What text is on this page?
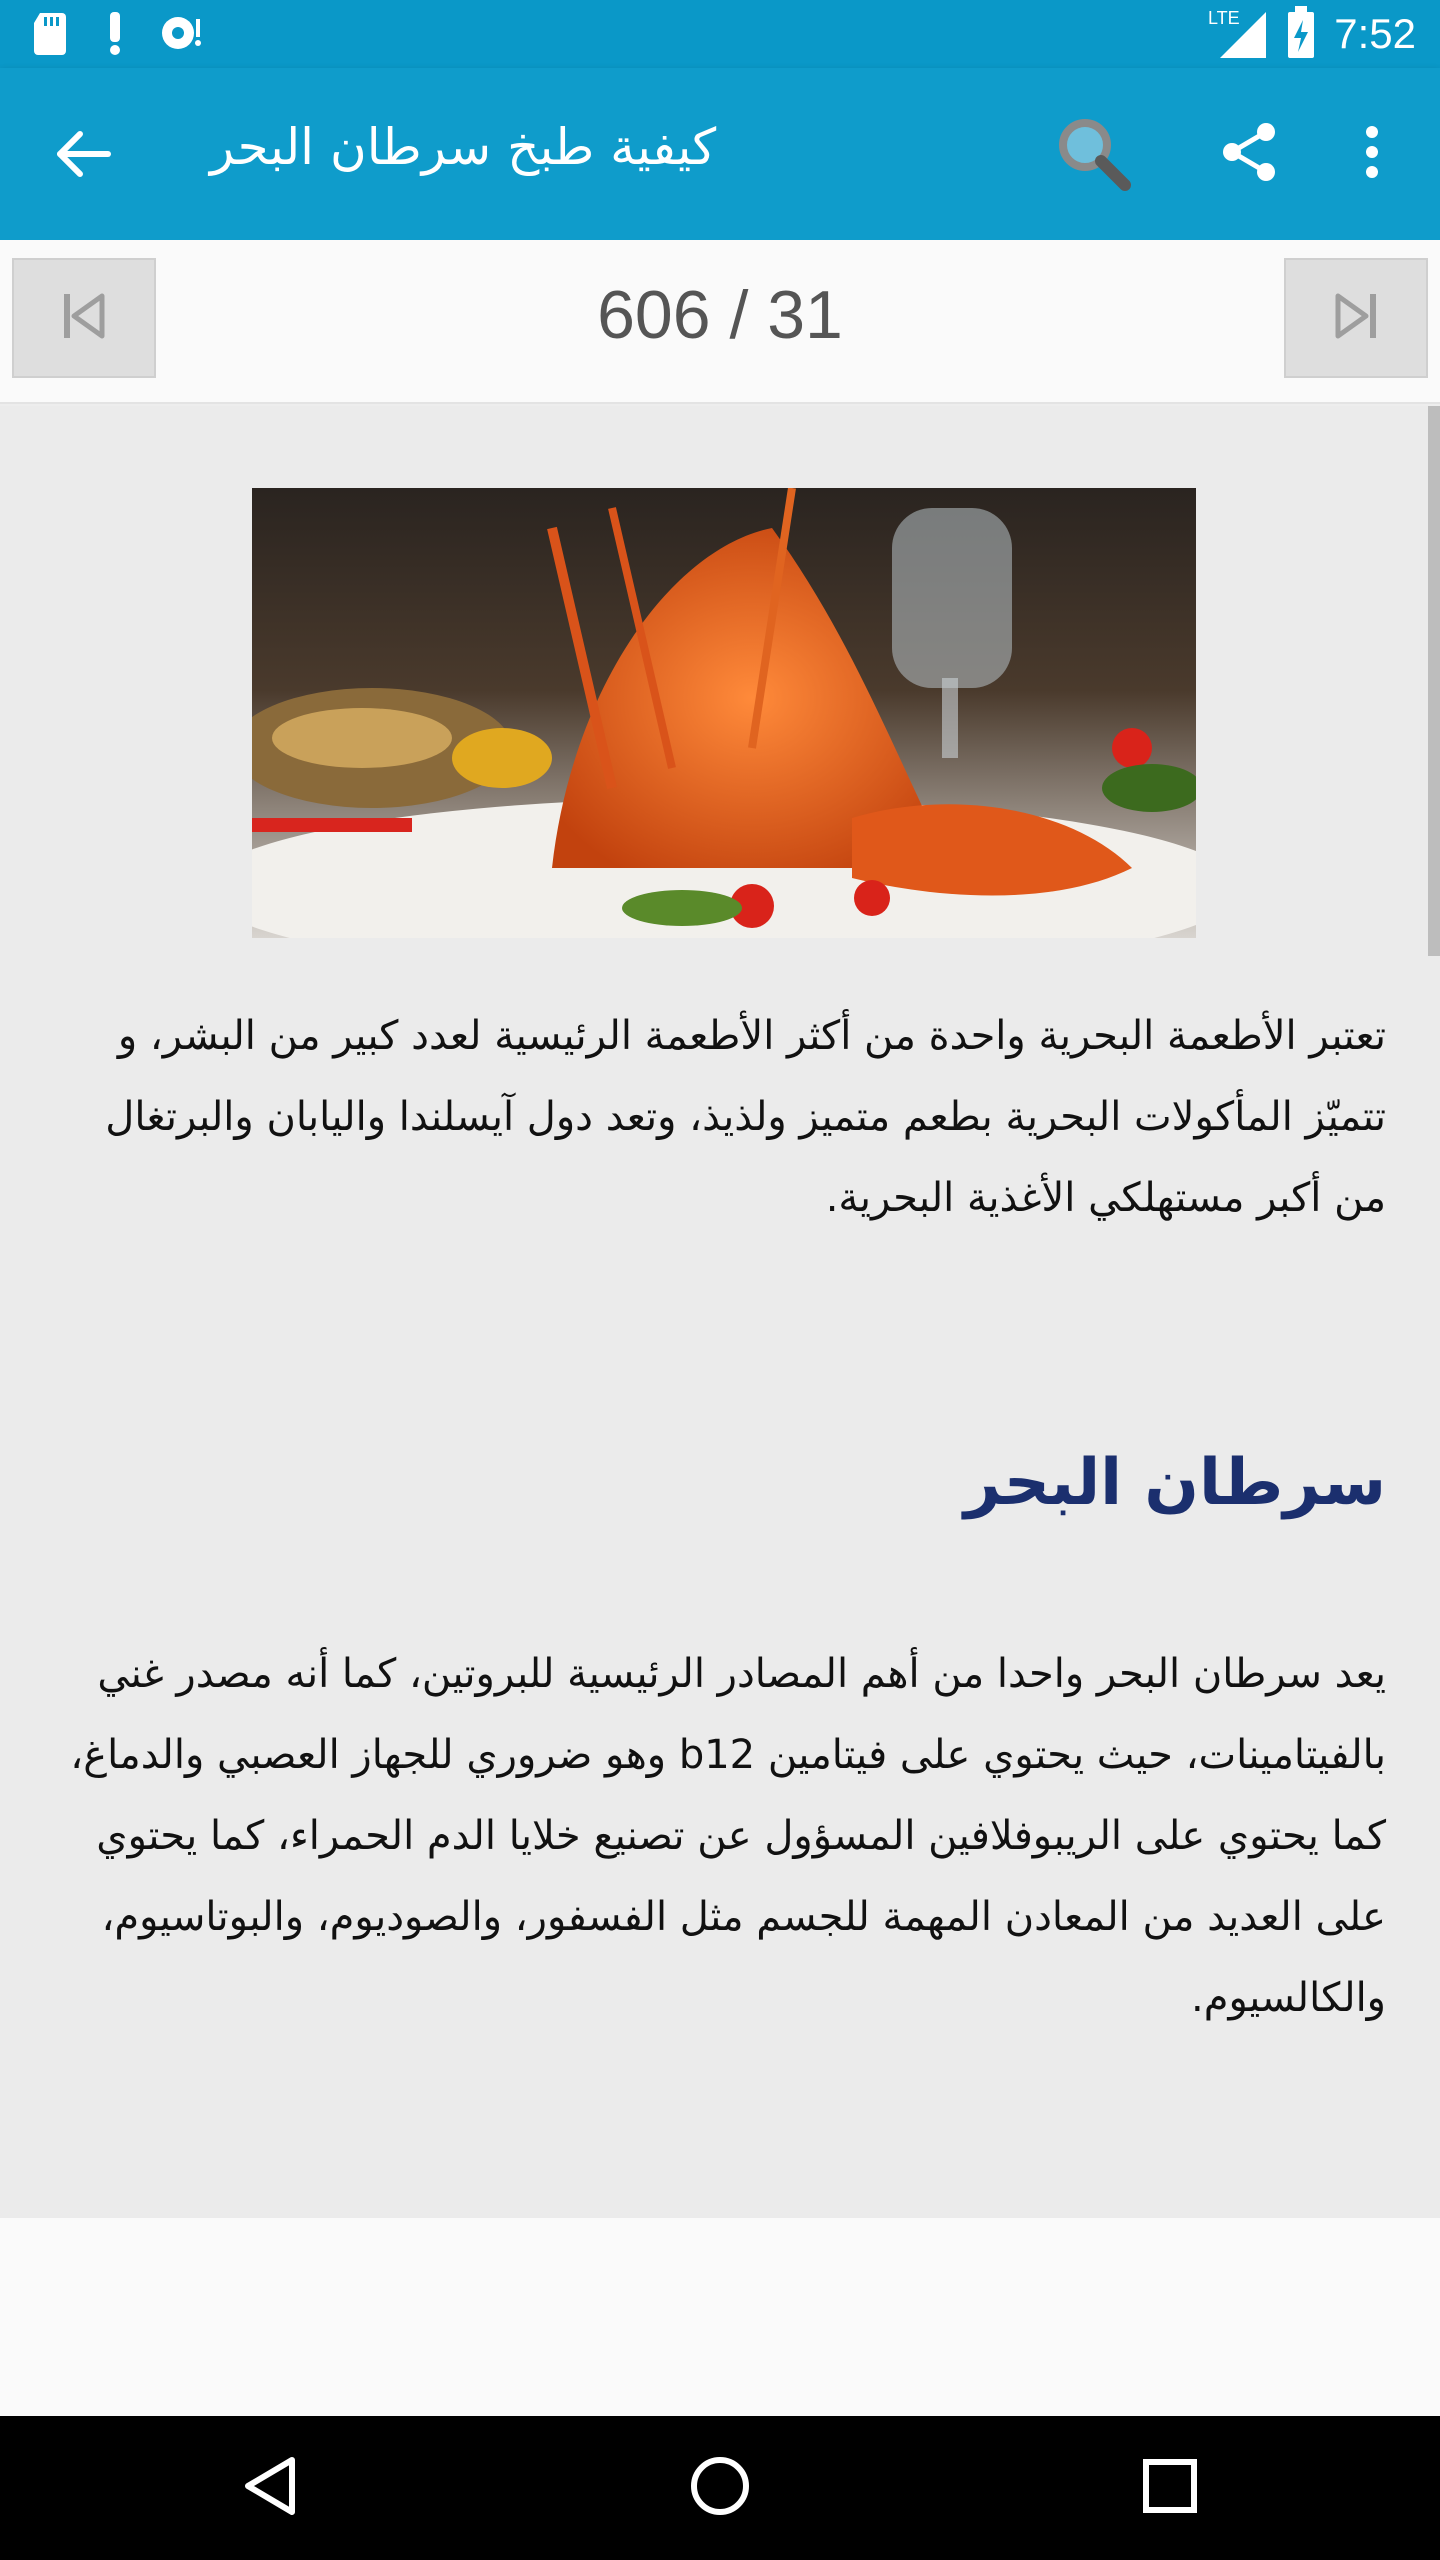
LTE 7:52
كيفية طبخ سرطان البحر
606 / 31
تعتبر الأطعمة البحرية واحدة من أكثر الأطعمة الرئيسية لعدد كبير من البشر، و تتميّز المأكولات البحرية بطعم متميز ولذيذ، وتعد دول آيسلندا واليابان والبرتغال من أكبر مستهلكي الأغذية البحرية.
سرطان البحر
يعد سرطان البحر واحدا من أهم المصادر الرئيسية للبروتين، كما أنه مصدر غني بالفيتامينات، حيث يحتوي على فيتامين b12 وهو ضروري للجهاز العصبي والدماغ، كما يحتوي على الريبوفلافين المسؤول عن تصنيع خلايا الدم الحمراء، كما يحتوي على العديد من المعادن المهمة للجسم مثل الفسفور، والصوديوم، والبوتاسيوم، والكالسيوم.
